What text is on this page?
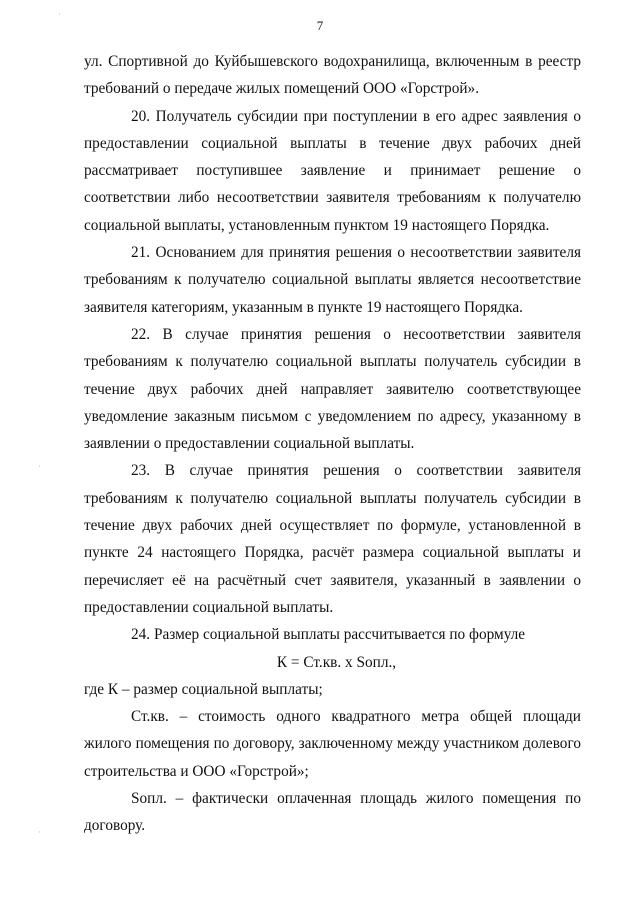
·
·
·
7

ул. Спортивной до Куйбышевского водохранилища, включенным в реестр требований о передаче жилых помещений ООО «Горстрой».

20. Получатель субсидии при поступлении в его адрес заявления о предоставлении социальной выплаты в течение двух рабочих дней рассматривает поступившее заявление и принимает решение о соответствии либо несоответствии заявителя требованиям к получателю социальной выплаты, установленным пунктом 19 настоящего Порядка.

21. Основанием для принятия решения о несоответствии заявителя требованиям к получателю социальной выплаты является несоответствие заявителя категориям, указанным в пункте 19 настоящего Порядка.

22. В случае принятия решения о несоответствии заявителя требованиям к получателю социальной выплаты получатель субсидии в течение двух рабочих дней направляет заявителю соответствующее уведомление заказным письмом с уведомлением по адресу, указанному в заявлении о предоставлении социальной выплаты.

23. В случае принятия решения о соответствии заявителя требованиям к получателю социальной выплаты получатель субсидии в течение двух рабочих дней осуществляет по формуле, установленной в пункте 24 настоящего Порядка, расчёт размера социальной выплаты и перечисляет её на расчётный счет заявителя, указанный в заявлении о предоставлении социальной выплаты.

24. Размер социальной выплаты рассчитывается по формуле

К = Ст.кв. х Sопл.,

где К – размер социальной выплаты;

Ст.кв. – стоимость одного квадратного метра общей площади жилого помещения по договору, заключенному между участником долевого строительства и ООО «Горстрой»;

Sопл. – фактически оплаченная площадь жилого помещения по договору.
